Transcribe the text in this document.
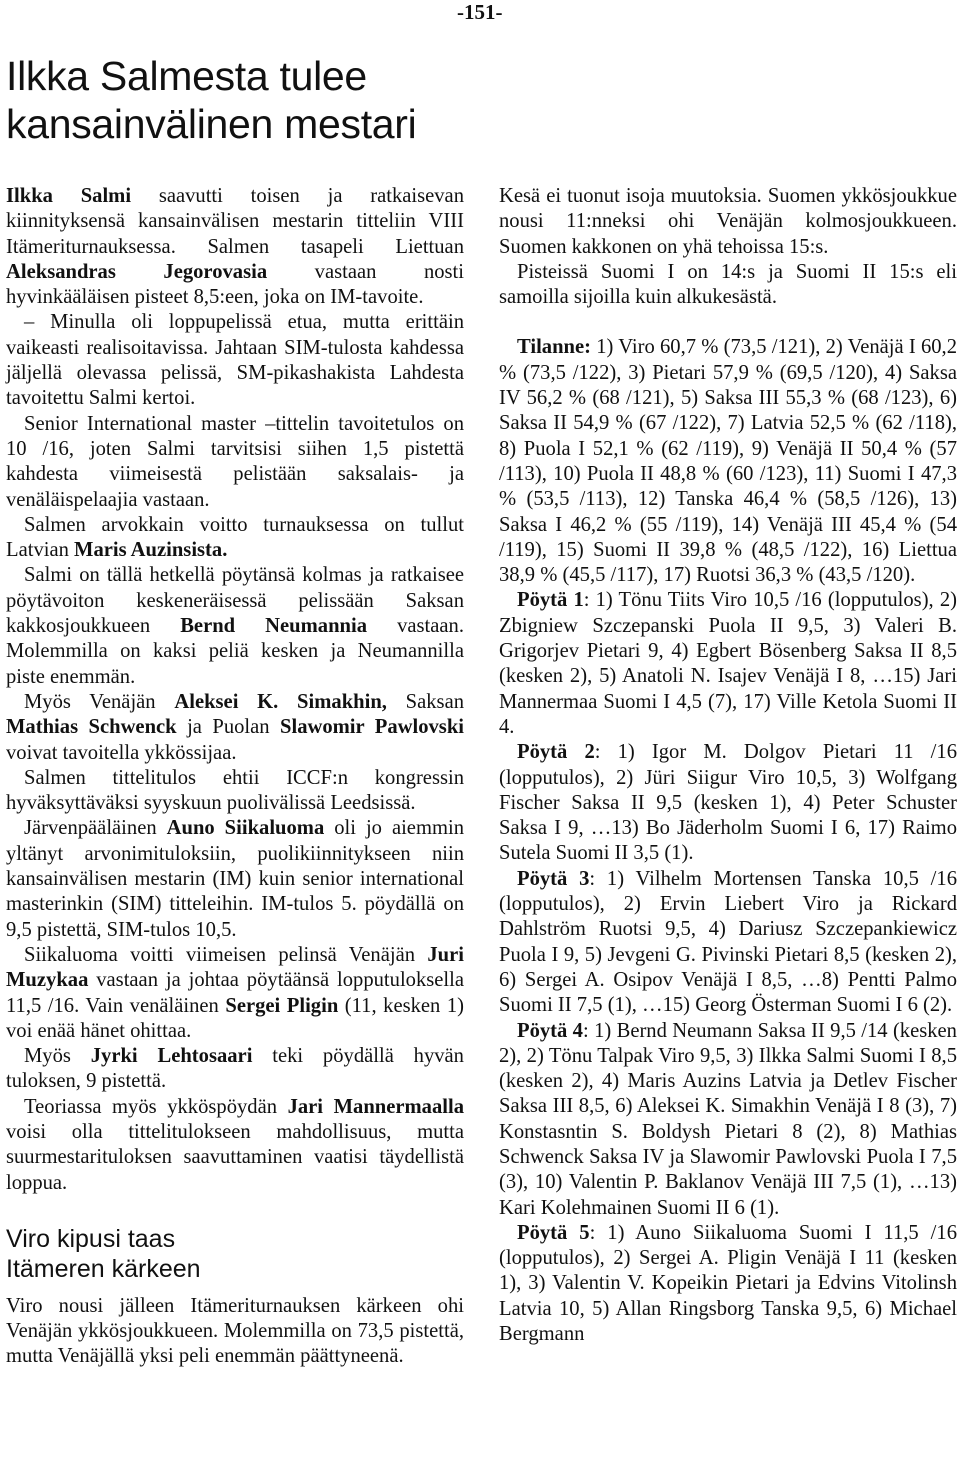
-151-
Ilkka Salmesta tulee
kansainvälinen mestari

Ilkka Salmi saavutti toisen ja ratkaisevan kiinnityksensä kansainvälisen mestarin titteliin VIII Itämeriturnauksessa. Salmen tasapeli Liettuan Aleksandras Jegorovasia vastaan nosti hyvinkääläisen pisteet 8,5:een, joka on IM-tavoite.

– Minulla oli loppupelissä etua, mutta erittäin vaikeasti realisoitavissa. Jahtaan SIM-tulosta kahdessa jäljellä olevassa pelissä, SM-pikashakista Lahdesta tavoitettu Salmi kertoi.

Senior International master –tittelin tavoitetulos on 10 /16, joten Salmi tarvitsisi siihen 1,5 pistettä kahdesta viimeisestä pelistään saksalais- ja venäläispelaajia vastaan.

Salmen arvokkain voitto turnauksessa on tullut Latvian Maris Auzinsista.

Salmi on tällä hetkellä pöytänsä kolmas ja ratkaisee pöytävoiton keskeneräisessä pelissään Saksan kakkosjoukkueen Bernd Neumannia vastaan. Molemmilla on kaksi peliä kesken ja Neumannilla piste enemmän.

Myös Venäjän Aleksei K. Simakhin, Saksan Mathias Schwenck ja Puolan Slawomir Pawlovski voivat tavoitella ykkössijaa.

Salmen tittelitulos ehtii ICCF:n kongressin hyväksyttäväksi syyskuun puolivälissä Leedsissä.

Järvenpääläinen Auno Siikaluoma oli jo aiemmin yltänyt arvonimituloksiin, puolikiinnitykseen niin kansainvälisen mestarin (IM) kuin senior international masterinkin (SIM) titteleihin. IM-tulos 5. pöydällä on 9,5 pistettä, SIM-tulos 10,5.

Siikaluoma voitti viimeisen pelinsä Venäjän Juri Muzykaa vastaan ja johtaa pöytäänsä lopputuloksella 11,5 /16. Vain venäläinen Sergei Pligin (11, kesken 1) voi enää hänet ohittaa.

Myös Jyrki Lehtosaari teki pöydällä hyvän tuloksen, 9 pistettä.

Teoriassa myös ykköspöydän Jari Mannermaalla voisi olla tittelitulokseen mahdollisuus, mutta suurmestarituloksen saavuttaminen vaatisi täydellistä loppua.

Viro kipusi taas
Itämeren kärkeen

Viro nousi jälleen Itämeriturnauksen kärkeen ohi Venäjän ykkösjoukkueen. Molemmilla on 73,5 pistettä, mutta Venäjällä yksi peli enemmän päättyneenä.

Kesä ei tuonut isoja muutoksia. Suomen ykkösjoukkue nousi 11:nneksi ohi Venäjän kolmosjoukkueen. Suomen kakkonen on yhä tehoissa 15:s.

Pisteissä Suomi I on 14:s ja Suomi II 15:s eli samoilla sijoilla kuin alkukesästä.

Tilanne: 1) Viro 60,7 % (73,5 /121), 2) Venäjä I 60,2 % (73,5 /122), 3) Pietari 57,9 % (69,5 /120), 4) Saksa IV 56,2 % (68 /121), 5) Saksa III 55,3 % (68 /123), 6) Saksa II 54,9 % (67 /122), 7) Latvia 52,5 % (62 /118), 8) Puola I 52,1 % (62 /119), 9) Venäjä II 50,4 % (57 /113), 10) Puola II 48,8 % (60 /123), 11) Suomi I 47,3 % (53,5 /113), 12) Tanska 46,4 % (58,5 /126), 13) Saksa I 46,2 % (55 /119), 14) Venäjä III 45,4 % (54 /119), 15) Suomi II 39,8 % (48,5 /122), 16) Liettua 38,9 % (45,5 /117), 17) Ruotsi 36,3 % (43,5 /120).

Pöytä 1: 1) Tönu Tiits Viro 10,5 /16 (lopputulos), 2) Zbigniew Szczepanski Puola II 9,5, 3) Valeri B. Grigorjev Pietari 9, 4) Egbert Bösenberg Saksa II 8,5 (kesken 2), 5) Anatoli N. Isajev Venäjä I 8, …15) Jari Mannermaa Suomi I 4,5 (7), 17) Ville Ketola Suomi II 4.

Pöytä 2: 1) Igor M. Dolgov Pietari 11 /16 (lopputulos), 2) Jüri Siigur Viro 10,5, 3) Wolfgang Fischer Saksa II 9,5 (kesken 1), 4) Peter Schuster Saksa I 9, …13) Bo Jäderholm Suomi I 6, 17) Raimo Sutela Suomi II 3,5 (1).

Pöytä 3: 1) Vilhelm Mortensen Tanska 10,5 /16 (lopputulos), 2) Ervin Liebert Viro ja Rickard Dahlström Ruotsi 9,5, 4) Dariusz Szczepankiewicz Puola I 9, 5) Jevgeni G. Pivinski Pietari 8,5 (kesken 2), 6) Sergei A. Osipov Venäjä I 8,5, …8) Pentti Palmo Suomi II 7,5 (1), …15) Georg Österman Suomi I 6 (2).

Pöytä 4: 1) Bernd Neumann Saksa II 9,5 /14 (kesken 2), 2) Tönu Talpak Viro 9,5, 3) Ilkka Salmi Suomi I 8,5 (kesken 2), 4) Maris Auzins Latvia ja Detlev Fischer Saksa III 8,5, 6) Aleksei K. Simakhin Venäjä I 8 (3), 7) Konstasntin S. Boldysh Pietari 8 (2), 8) Mathias Schwenck Saksa IV ja Slawomir Pawlovski Puola I 7,5 (3), 10) Valentin P. Baklanov Venäjä III 7,5 (1), …13) Kari Kolehmainen Suomi II 6 (1).

Pöytä 5: 1) Auno Siikaluoma Suomi I 11,5 /16 (lopputulos), 2) Sergei A. Pligin Venäjä I 11 (kesken 1), 3) Valentin V. Kopeikin Pietari ja Edvins Vitolinsh Latvia 10, 5) Allan Ringsborg Tanska 9,5, 6) Michael Bergmann
